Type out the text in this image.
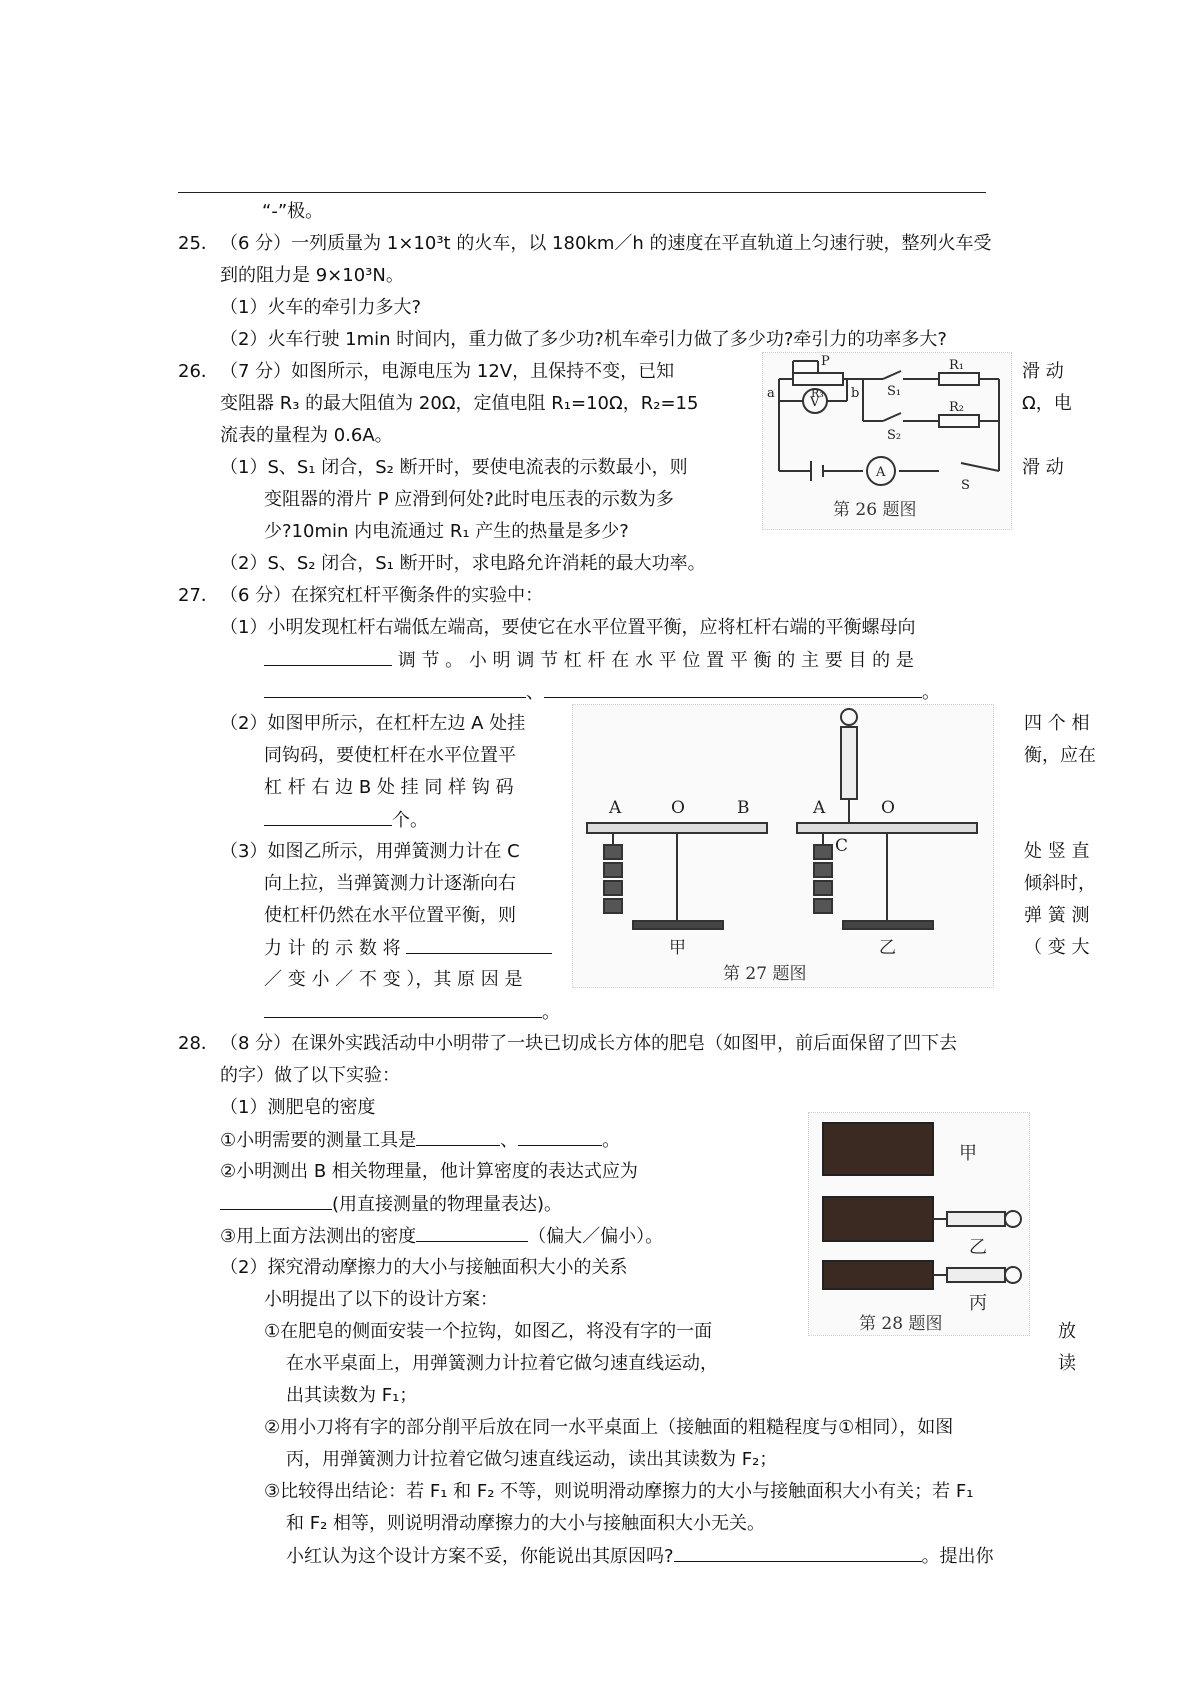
“-”极。
25． （6 分）一列质量为 1×10³t 的火车，以 180km／h 的速度在平直轨道上匀速行驶，整列火车受
到的阻力是 9×10³N。
（1）火车的牵引力多大?
（2）火车行驶 1min 时间内，重力做了多少功?机车牵引力做了多少功?牵引力的功率多大?
26． （7 分）如图所示，电源电压为 12V，且保持不变，已知	滑 动
变阻器 R₃ 的最大阻值为 20Ω，定值电阻 R₁=10Ω，R₂=15	Ω，电
流表的量程为 0.6A。
（1）S、S₁ 闭合，S₂ 断开时，要使电流表的示数最小，则	滑 动
变阻器的滑片 P 应滑到何处?此时电压表的示数为多
少?10min 内电流通过 R₁ 产生的热量是多少?
（2）S、S₂ 闭合，S₁ 断开时，求电路允许消耗的最大功率。
P	R₁
R₂
R₃
a	b S₁
S₂
S
V
A
第 26 题图
27． （6 分）在探究杠杆平衡条件的实验中：
（1）小明发现杠杆右端低左端高，要使它在水平位置平衡，应将杠杆右端的平衡螺母向
调 节 。 小 明 调 节 杠 杆 在 水 平 位 置 平 衡 的 主 要 目 的 是
、	。
（2）如图甲所示，在杠杆左边 A 处挂	四 个 相
同钩码，要使杠杆在水平位置平	衡，应在
杠 杆 右 边 B 处 挂 同 样 钩 码
个。
（3）如图乙所示，用弹簧测力计在 C	处 竖 直
向上拉，当弹簧测力计逐渐向右	倾斜时，
使杠杆仍然在水平位置平衡，则	弹 簧 测
力 计 的 示 数 将	（ 变 大
／ 变 小 ／ 不 变 ），其 原 因 是
。
A	O	B	A	O
C
甲	乙
第 27 题图
28． （8 分）在课外实践活动中小明带了一块已切成长方体的肥皂（如图甲，前后面保留了凹下去
的字）做了以下实验：
（1）测肥皂的密度
①小明需要的测量工具是	、	。
②小明测出 B 相关物理量，他计算密度的表达式应为
(用直接测量的物理量表达)。
③用上面方法测出的密度	（偏大／偏小）。
（2）探究滑动摩擦力的大小与接触面积大小的关系
小明提出了以下的设计方案：
①在肥皂的侧面安装一个拉钩，如图乙，将没有字的一面	放
在水平桌面上，用弹簧测力计拉着它做匀速直线运动，	读
出其读数为 F₁；
②用小刀将有字的部分削平后放在同一水平桌面上（接触面的粗糙程度与①相同），如图
丙，用弹簧测力计拉着它做匀速直线运动，读出其读数为 F₂；
③比较得出结论：若 F₁ 和 F₂ 不等，则说明滑动摩擦力的大小与接触面积大小有关；若 F₁
和 F₂ 相等，则说明滑动摩擦力的大小与接触面积大小无关。
小红认为这个设计方案不妥，你能说出其原因吗?	。提出你
甲
乙
丙
第 28 题图
